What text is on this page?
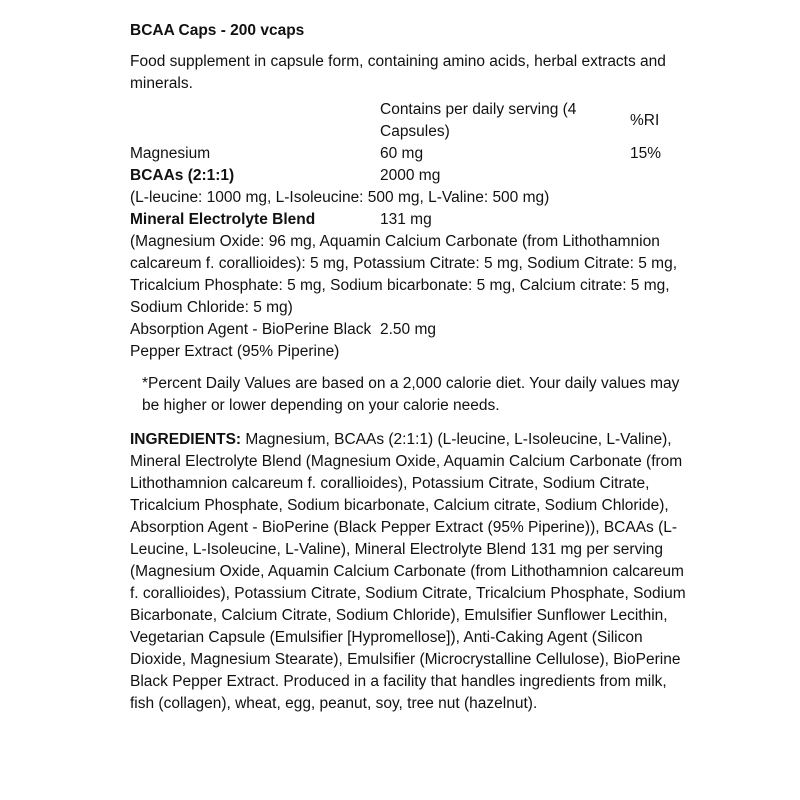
BCAA Caps - 200 vcaps
Food supplement in capsule form, containing amino acids, herbal extracts and minerals.
	Contains per daily serving (4 Capsules)	%RI
Magnesium	60 mg	15%
BCAAs (2:1:1)	2000 mg	
(L-leucine: 1000 mg, L-Isoleucine: 500 mg, L-Valine: 500 mg)		
Mineral Electrolyte Blend	131 mg	
(Magnesium Oxide: 96 mg, Aquamin Calcium Carbonate (from Lithothamnion calcareum f. corallioides): 5 mg, Potassium Citrate: 5 mg, Sodium Citrate: 5 mg, Tricalcium Phosphate: 5 mg, Sodium bicarbonate: 5 mg, Calcium citrate: 5 mg, Sodium Chloride: 5 mg)		
Absorption Agent - BioPerine Black Pepper Extract (95% Piperine)	2.50 mg	
*Percent Daily Values are based on a 2,000 calorie diet. Your daily values may be higher or lower depending on your calorie needs.
INGREDIENTS: Magnesium, BCAAs (2:1:1) (L-leucine, L-Isoleucine, L-Valine), Mineral Electrolyte Blend (Magnesium Oxide, Aquamin Calcium Carbonate (from Lithothamnion calcareum f. corallioides), Potassium Citrate, Sodium Citrate, Tricalcium Phosphate, Sodium bicarbonate, Calcium citrate, Sodium Chloride), Absorption Agent - BioPerine (Black Pepper Extract (95% Piperine)), BCAAs (L-Leucine, L-Isoleucine, L-Valine), Mineral Electrolyte Blend 131 mg per serving (Magnesium Oxide, Aquamin Calcium Carbonate (from Lithothamnion calcareum f. corallioides), Potassium Citrate, Sodium Citrate, Tricalcium Phosphate, Sodium Bicarbonate, Calcium Citrate, Sodium Chloride), Emulsifier Sunflower Lecithin, Vegetarian Capsule (Emulsifier [Hypromellose]), Anti-Caking Agent (Silicon Dioxide, Magnesium Stearate), Emulsifier (Microcrystalline Cellulose), BioPerine Black Pepper Extract. Produced in a facility that handles ingredients from milk, fish (collagen), wheat, egg, peanut, soy, tree nut (hazelnut).
